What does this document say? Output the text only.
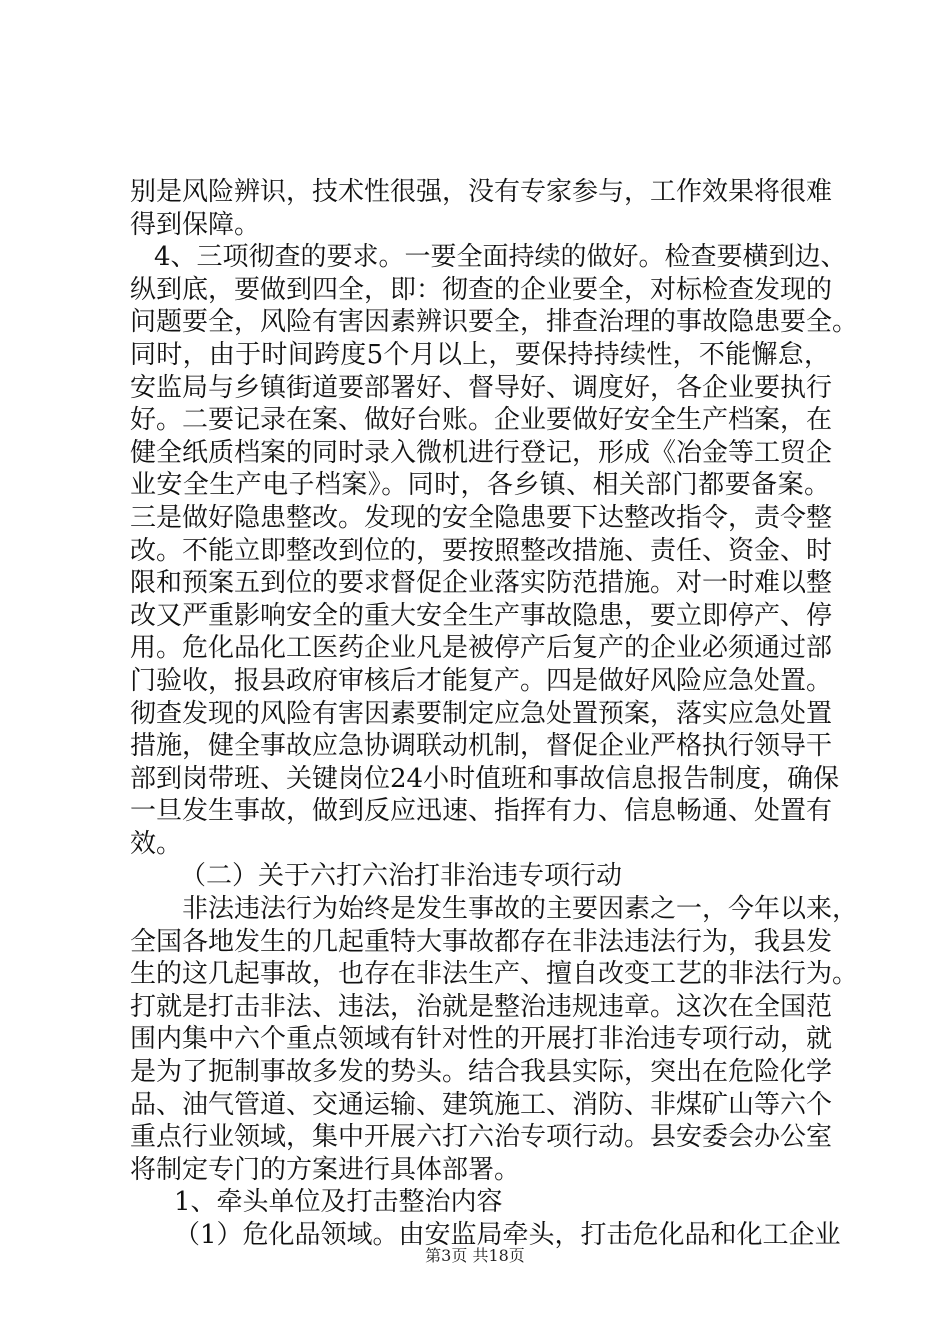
别是风险辨识，技术性很强，没有专家参与，工作效果将很难
得到保障。
4、三项彻查的要求。一要全面持续的做好。检查要横到边、
纵到底，要做到四全，即：彻查的企业要全，对标检查发现的
问题要全，风险有害因素辨识要全，排查治理的事故隐患要全。
同时，由于时间跨度5个月以上，要保持持续性，不能懈怠，
安监局与乡镇街道要部署好、督导好、调度好，各企业要执行
好。二要记录在案、做好台账。企业要做好安全生产档案，在
健全纸质档案的同时录入微机进行登记，形成《冶金等工贸企
业安全生产电子档案》。同时，各乡镇、相关部门都要备案。
三是做好隐患整改。发现的安全隐患要下达整改指令，责令整
改。不能立即整改到位的，要按照整改措施、责任、资金、时
限和预案五到位的要求督促企业落实防范措施。对一时难以整
改又严重影响安全的重大安全生产事故隐患，要立即停产、停
用。危化品化工医药企业凡是被停产后复产的企业必须通过部
门验收，报县政府审核后才能复产。四是做好风险应急处置。
彻查发现的风险有害因素要制定应急处置预案，落实应急处置
措施，健全事故应急协调联动机制，督促企业严格执行领导干
部到岗带班、关键岗位24小时值班和事故信息报告制度，确保
一旦发生事故，做到反应迅速、指挥有力、信息畅通、处置有
效。
（二）关于六打六治打非治违专项行动
非法违法行为始终是发生事故的主要因素之一，今年以来，
全国各地发生的几起重特大事故都存在非法违法行为，我县发
生的这几起事故，也存在非法生产、擅自改变工艺的非法行为。
打就是打击非法、违法，治就是整治违规违章。这次在全国范
围内集中六个重点领域有针对性的开展打非治违专项行动，就
是为了扼制事故多发的势头。结合我县实际，突出在危险化学
品、油气管道、交通运输、建筑施工、消防、非煤矿山等六个
重点行业领域，集中开展六打六治专项行动。县安委会办公室
将制定专门的方案进行具体部署。
1、牵头单位及打击整治内容
（1）危化品领域。由安监局牵头，打击危化品和化工企业
第3页 共18页
